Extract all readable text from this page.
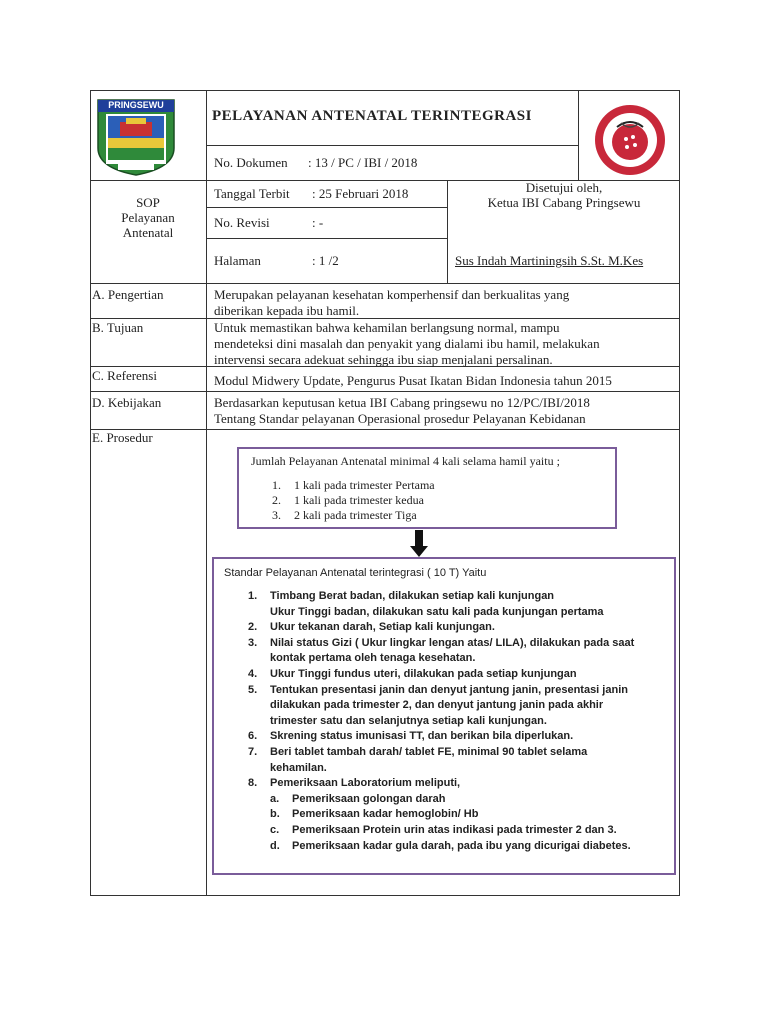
PRINGSEWU
PELAYANAN ANTENATAL TERINTEGRASI
No. Dokumen : 13 / PC / IBI / 2018
SOP
Pelayanan
Antenatal
Tanggal Terbit : 25 Februari 2018
No. Revisi	: -
Halaman	: 1 /2
Disetujui oleh,
Ketua IBI Cabang Pringsewu
Sus Indah Martiningsih S.St. M.Kes
A. Pengertian	Merupakan pelayanan kesehatan komperhensif dan berkualitas yang
diberikan kepada ibu hamil.
B. Tujuan	Untuk memastikan bahwa kehamilan berlangsung normal, mampu
mendeteksi dini masalah dan penyakit yang dialami ibu hamil, melakukan
intervensi secara adekuat sehingga ibu siap menjalani persalinan.
C. Referensi	Modul Midwery Update, Pengurus Pusat Ikatan Bidan Indonesia tahun 2015
D. Kebijakan	Berdasarkan keputusan ketua IBI Cabang pringsewu no 12/PC/IBI/2018
Tentang Standar pelayanan Operasional prosedur Pelayanan Kebidanan
E. Prosedur
Jumlah Pelayanan Antenatal minimal 4 kali selama hamil yaitu ;
1. 1 kali pada trimester Pertama
2. 1 kali pada trimester kedua
3. 2 kali pada trimester Tiga
Standar Pelayanan Antenatal terintegrasi ( 10 T) Yaitu
1. Timbang Berat badan, dilakukan setiap kali kunjungan
Ukur Tinggi badan, dilakukan satu kali pada kunjungan pertama
2. Ukur tekanan darah, Setiap kali kunjungan.
3. Nilai status Gizi ( Ukur lingkar lengan atas/ LILA), dilakukan pada saat
kontak pertama oleh tenaga kesehatan.
4. Ukur Tinggi fundus uteri, dilakukan pada setiap kunjungan
5. Tentukan presentasi janin dan denyut jantung janin, presentasi janin
dilakukan pada trimester 2, dan denyut jantung janin pada akhir
trimester satu dan selanjutnya setiap kali kunjungan.
6. Skrening status imunisasi TT, dan berikan bila diperlukan.
7. Beri tablet tambah darah/ tablet FE, minimal 90 tablet selama
kehamilan.
8. Pemeriksaan Laboratorium meliputi,
a. Pemeriksaan golongan darah
b. Pemeriksaan kadar hemoglobin/ Hb
c. Pemeriksaan Protein urin atas indikasi pada trimester 2 dan 3.
d. Pemeriksaan kadar gula darah, pada ibu yang dicurigai diabetes.
